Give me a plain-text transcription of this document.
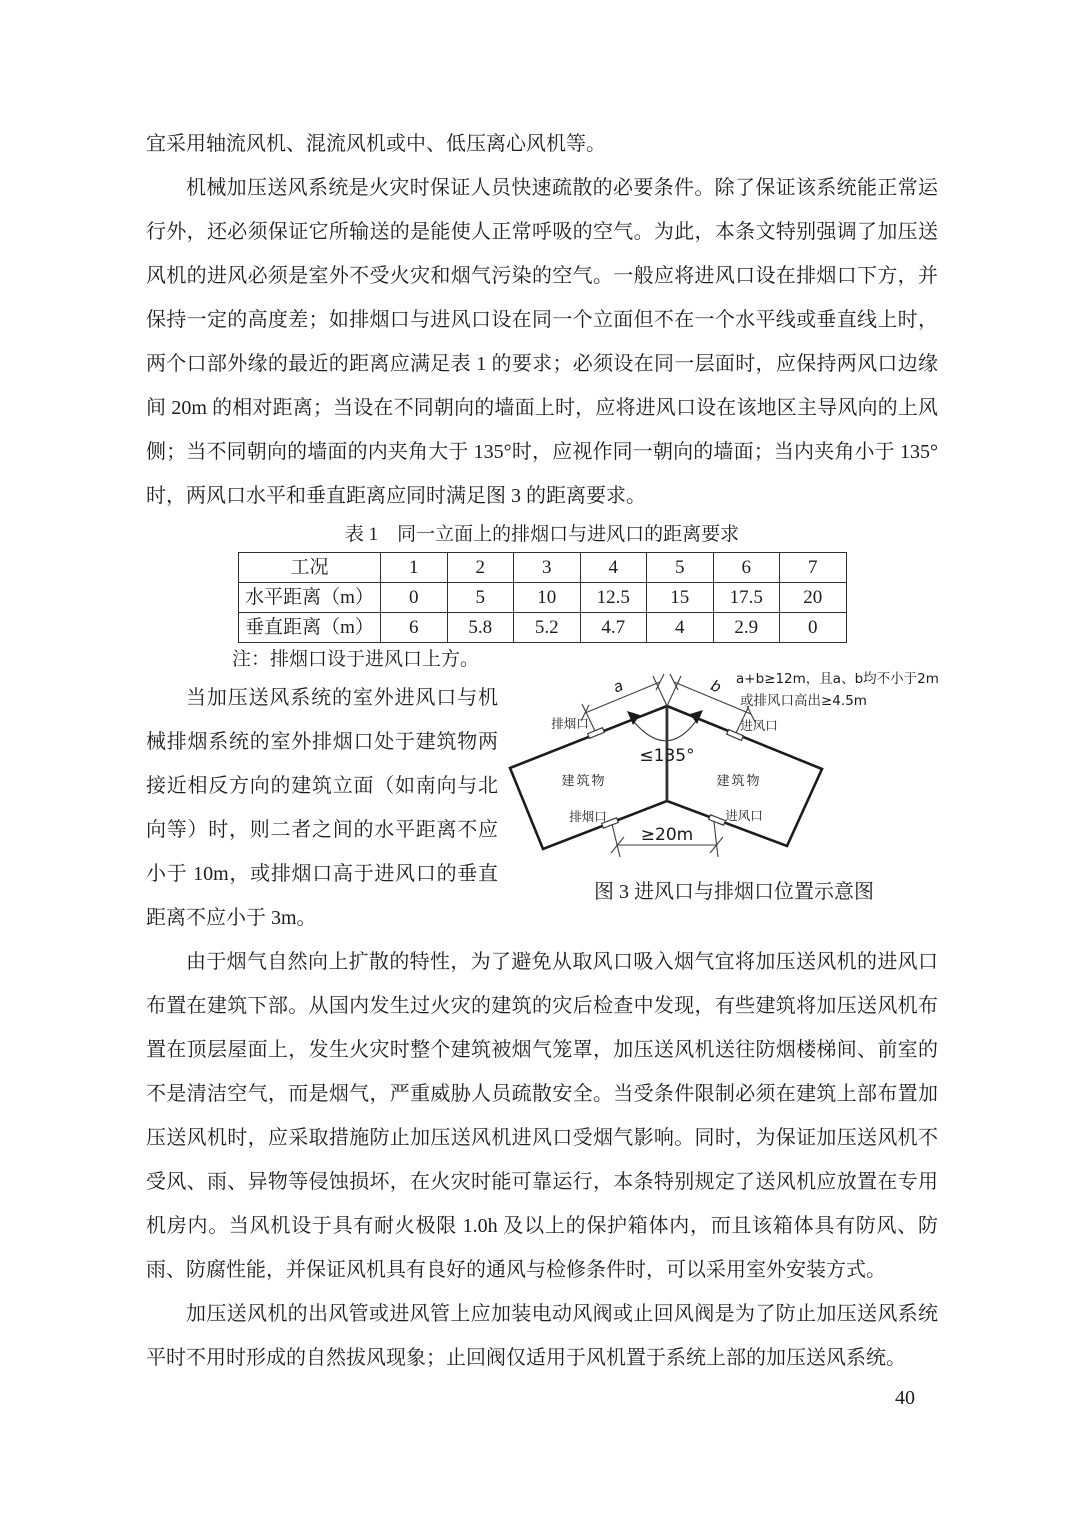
宜采用轴流风机、混流风机或中、低压离心风机等。

机械加压送风系统是火灾时保证人员快速疏散的必要条件。除了保证该系统能正常运行外，还必须保证它所输送的是能使人正常呼吸的空气。为此，本条文特别强调了加压送风机的进风必须是室外不受火灾和烟气污染的空气。一般应将进风口设在排烟口下方，并保持一定的高度差；如排烟口与进风口设在同一个立面但不在一个水平线或垂直线上时，两个口部外缘的最近的距离应满足表 1 的要求；必须设在同一层面时，应保持两风口边缘间 20m 的相对距离；当设在不同朝向的墙面上时，应将进风口设在该地区主导风向的上风侧；当不同朝向的墙面的内夹角大于 135°时，应视作同一朝向的墙面；当内夹角小于 135°时，两风口水平和垂直距离应同时满足图 3 的距离要求。

表 1　同一立面上的排烟口与进风口的距离要求
工况	1	2	3	4	5	6	7
水平距离（m）	0	5	10	12.5	15	17.5	20
垂直距离（m）	6	5.8	5.2	4.7	4	2.9	0
注：排烟口设于进风口上方。

当加压送风系统的室外进风口与机械排烟系统的室外排烟口处于建筑物两接近相反方向的建筑立面（如南向与北向等）时，则二者之间的水平距离不应小于 10m，或排烟口高于进风口的垂直距离不应小于 3m。

≤135°
a	b
排烟口	进风口
排烟口	进风口
建筑物	建筑物
≥20m
a+b≥12m，且a、b均不小于2m
或排风口高出≥4.5m
图 3 进风口与排烟口位置示意图

由于烟气自然向上扩散的特性，为了避免从取风口吸入烟气宜将加压送风机的进风口布置在建筑下部。从国内发生过火灾的建筑的灾后检查中发现，有些建筑将加压送风机布置在顶层屋面上，发生火灾时整个建筑被烟气笼罩，加压送风机送往防烟楼梯间、前室的不是清洁空气，而是烟气，严重威胁人员疏散安全。当受条件限制必须在建筑上部布置加压送风机时，应采取措施防止加压送风机进风口受烟气影响。同时，为保证加压送风机不受风、雨、异物等侵蚀损坏，在火灾时能可靠运行，本条特别规定了送风机应放置在专用机房内。当风机设于具有耐火极限 1.0h 及以上的保护箱体内，而且该箱体具有防风、防雨、防腐性能，并保证风机具有良好的通风与检修条件时，可以采用室外安装方式。

加压送风机的出风管或进风管上应加装电动风阀或止回风阀是为了防止加压送风系统平时不用时形成的自然拔风现象；止回阀仅适用于风机置于系统上部的加压送风系统。

40
